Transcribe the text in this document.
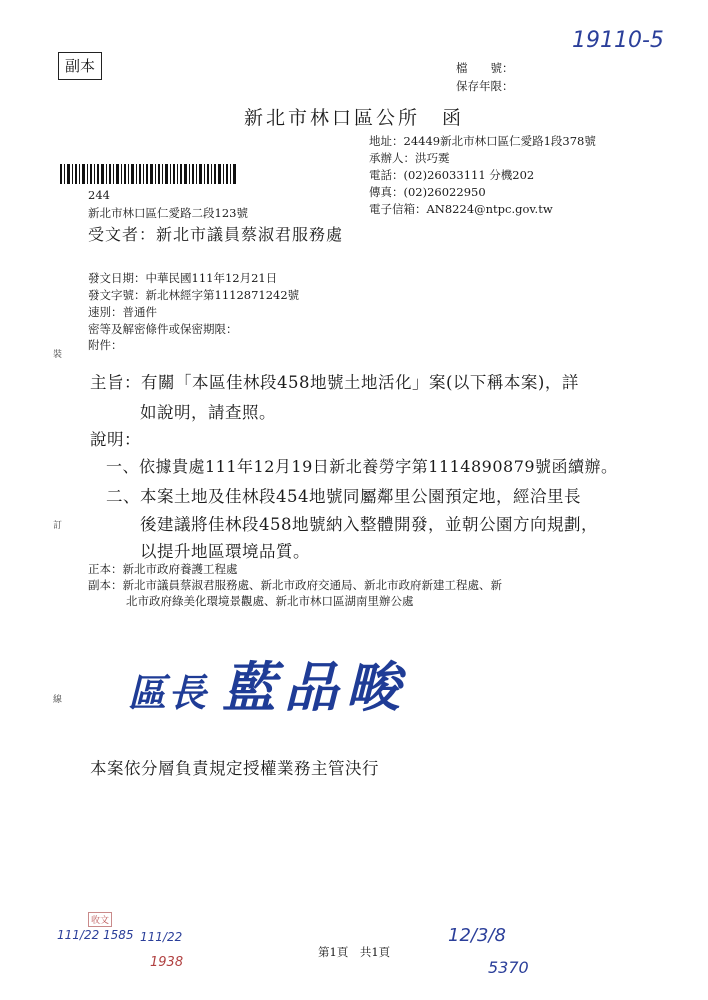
副本
19110-5
檔　　號：
保存年限：
新北市林口區公所　函
地址：24449新北市林口區仁愛路1段378號
承辦人：洪巧霙
電話：(02)26033111 分機202
傳真：(02)26022950
電子信箱：AN8224@ntpc.gov.tw
244
新北市林口區仁愛路二段123號
受文者：新北市議員蔡淑君服務處
發文日期：中華民國111年12月21日
發文字號：新北林經字第1112871242號
速別：普通件
密等及解密條件或保密期限：
附件：
主旨：有關「本區佳林段458地號土地活化」案(以下稱本案)，詳
如說明，請查照。
說明：
一、依據貴處111年12月19日新北養勞字第1114890879號函續辦。
二、本案土地及佳林段454地號同屬鄰里公園預定地，經洽里長
後建議將佳林段458地號納入整體開發，並朝公園方向規劃，
以提升地區環境品質。
正本：新北市政府養護工程處
副本：新北市議員蔡淑君服務處、新北市政府交通局、新北市政府新建工程處、新
北市政府綠美化環境景觀處、新北市林口區湖南里辦公處
區長 藍品畯
本案依分層負責規定授權業務主管決行
裝
訂
線
111/22 1585
收文
111/22
1938
第1頁　共1頁
12/3/8
5370
